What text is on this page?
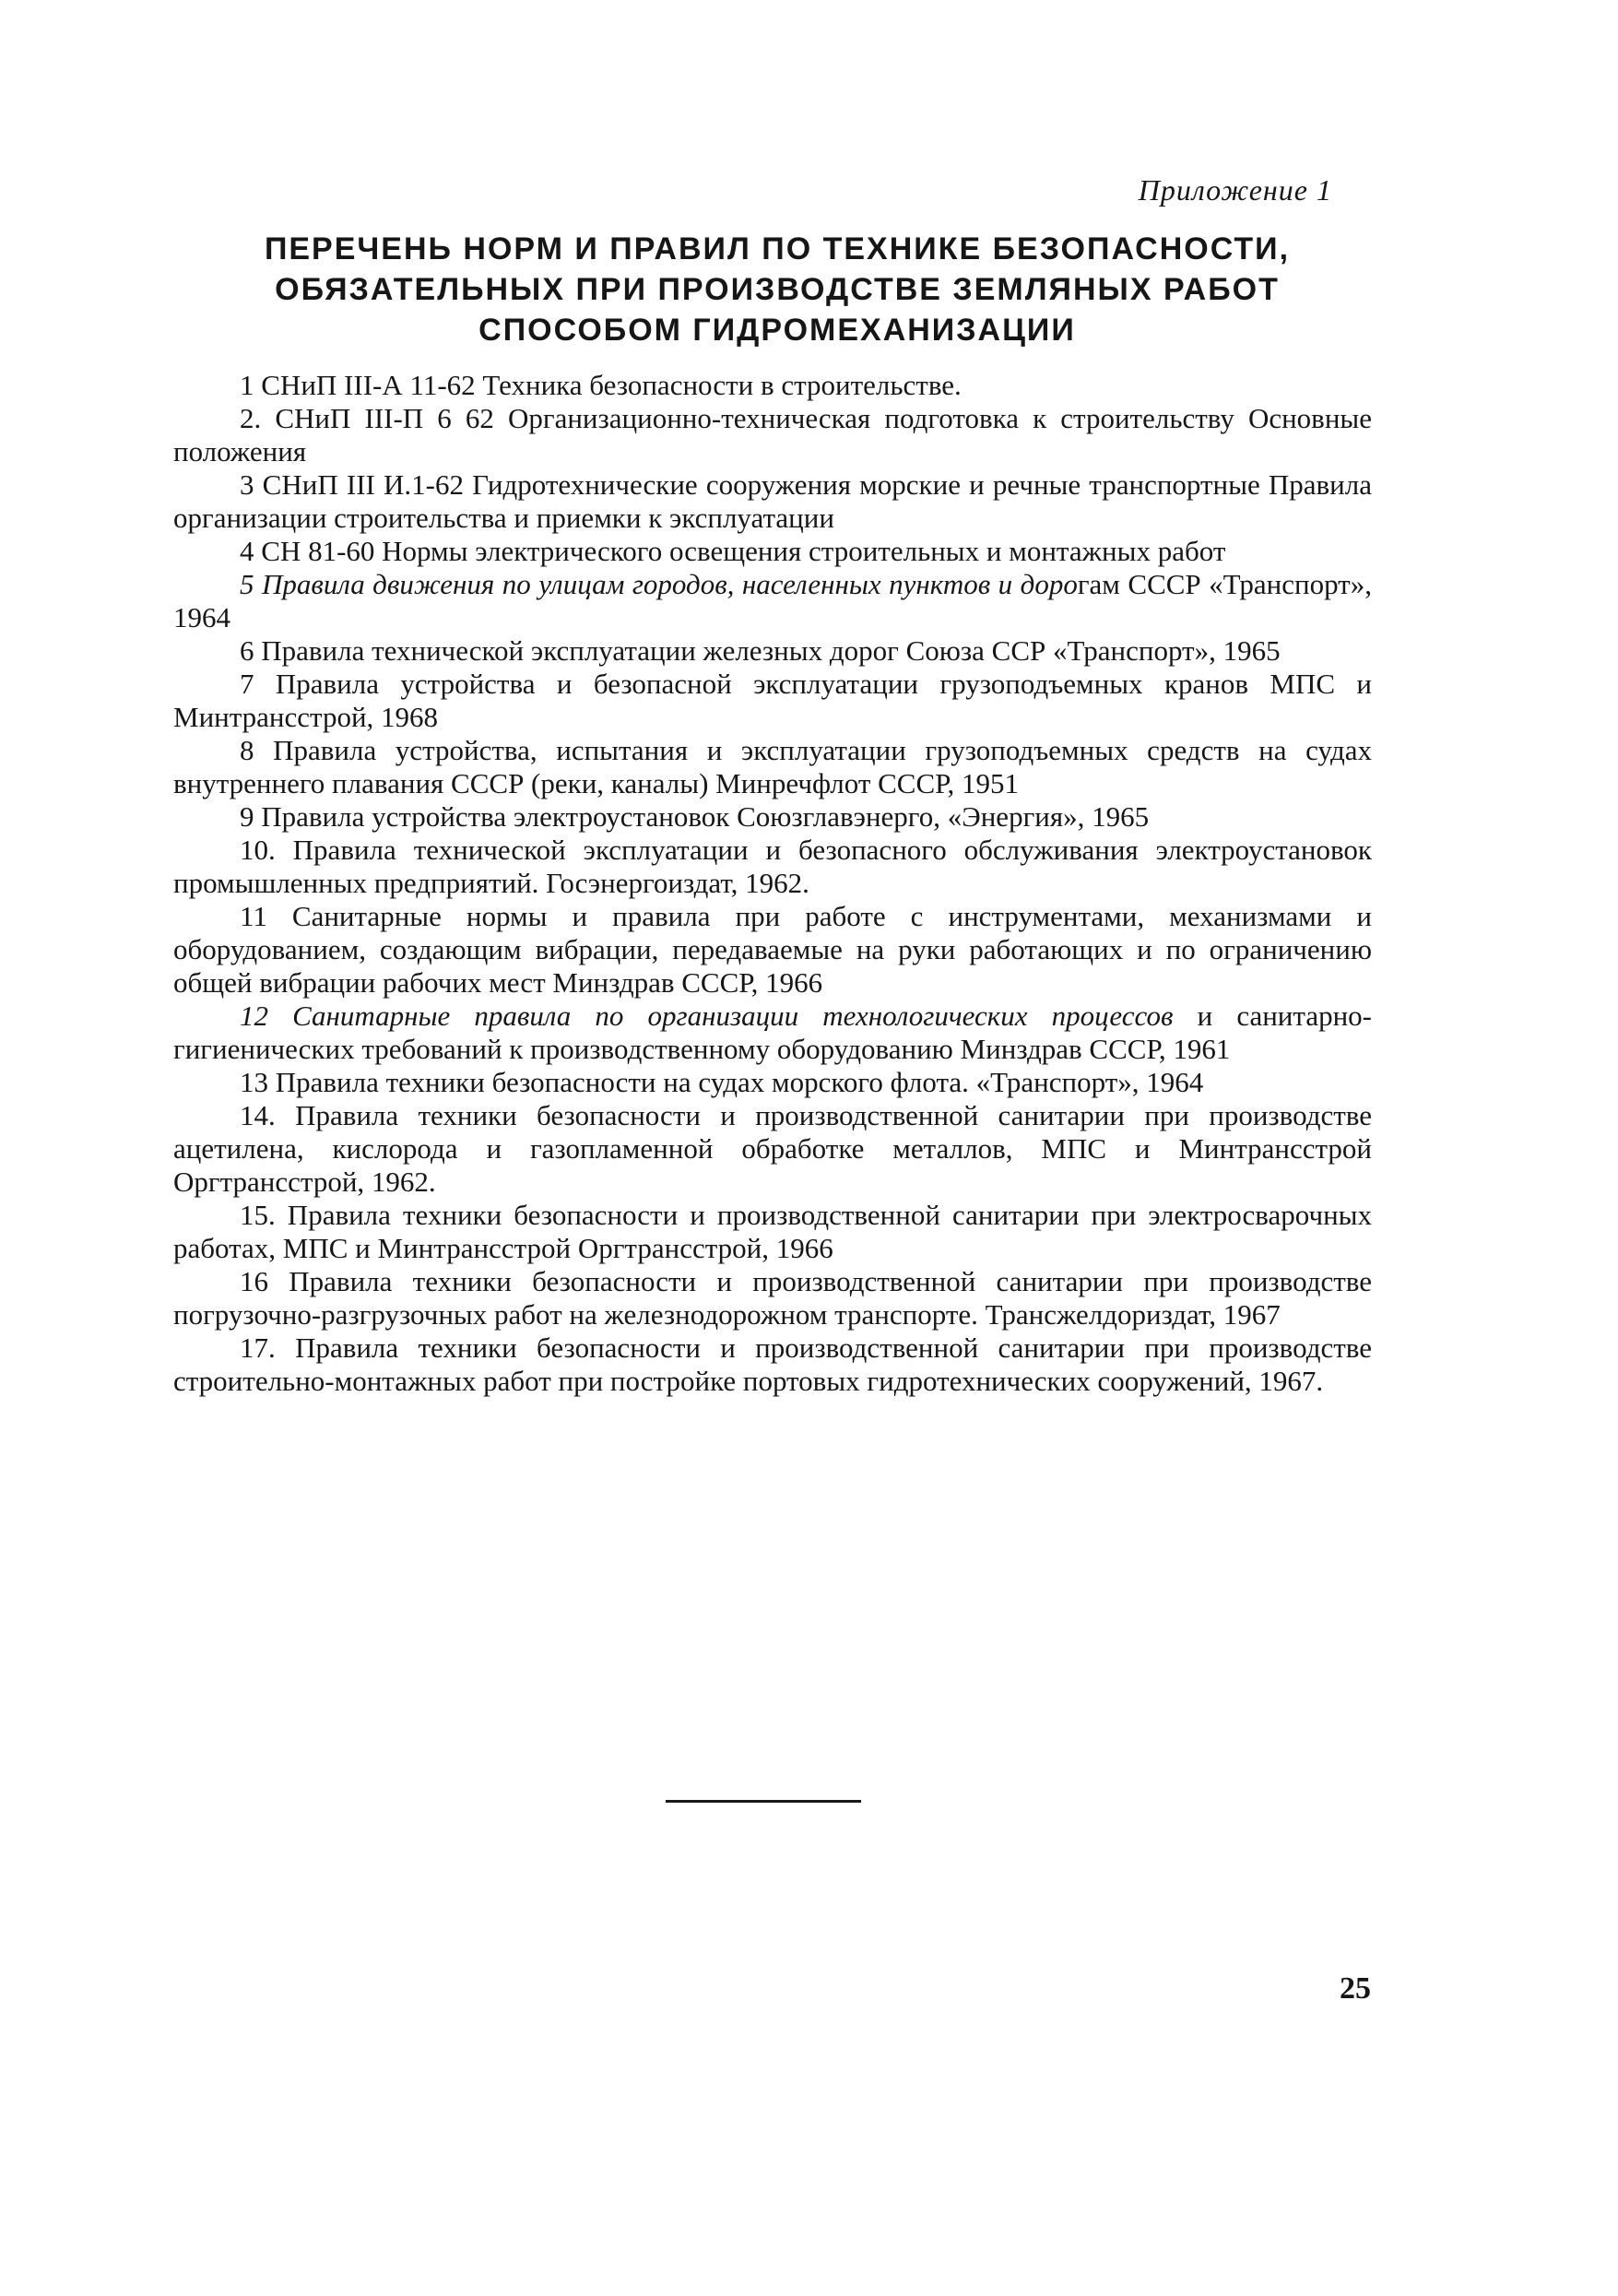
Приложение 1
ПЕРЕЧЕНЬ НОРМ И ПРАВИЛ ПО ТЕХНИКЕ БЕЗОПАСНОСТИ,
ОБЯЗАТЕЛЬНЫХ ПРИ ПРОИЗВОДСТВЕ ЗЕМЛЯНЫХ РАБОТ
СПОСОБОМ ГИДРОМЕХАНИЗАЦИИ
1 СНиП III-А 11-62 Техника безопасности в строительстве.
2. СНиП III-П 6 62 Организационно-техническая подготовка к строительству Основные положения
3 СНиП III И.1-62 Гидротехнические сооружения морские и речные транспортные Правила организации строительства и приемки к эксплуатации
4 СН 81-60 Нормы электрического освещения строительных и монтажных работ
5 Правила движения по улицам городов, населенных пунктов и дорогам СССР «Транспорт», 1964
6 Правила технической эксплуатации железных дорог Союза ССР «Транспорт», 1965
7 Правила устройства и безопасной эксплуатации грузоподъемных кранов МПС и Минтрансстрой, 1968
8 Правила устройства, испытания и эксплуатации грузоподъемных средств на судах внутреннего плавания СССР (реки, каналы) Минречфлот СССР, 1951
9 Правила устройства электроустановок Союзглавэнерго, «Энергия», 1965
10. Правила технической эксплуатации и безопасного обслуживания электроустановок промышленных предприятий. Госэнергоиздат, 1962.
11 Санитарные нормы и правила при работе с инструментами, механизмами и оборудованием, создающим вибрации, передаваемые на руки работающих и по ограничению общей вибрации рабочих мест Минздрав СССР, 1966
12 Санитарные правила по организации технологических процессов и санитарно-гигиенических требований к производственному оборудованию Минздрав СССР, 1961
13 Правила техники безопасности на судах морского флота. «Транспорт», 1964
14. Правила техники безопасности и производственной санитарии при производстве ацетилена, кислорода и газопламенной обработке металлов, МПС и Минтрансстрой Оргтрансстрой, 1962.
15. Правила техники безопасности и производственной санитарии при электросварочных работах, МПС и Минтрансстрой Оргтрансстрой, 1966
16 Правила техники безопасности и производственной санитарии при производстве погрузочно-разгрузочных работ на железнодорожном транспорте. Трансжелдориздат, 1967
17. Правила техники безопасности и производственной санитарии при производстве строительно-монтажных работ при постройке портовых гидротехнических сооружений, 1967.
25
